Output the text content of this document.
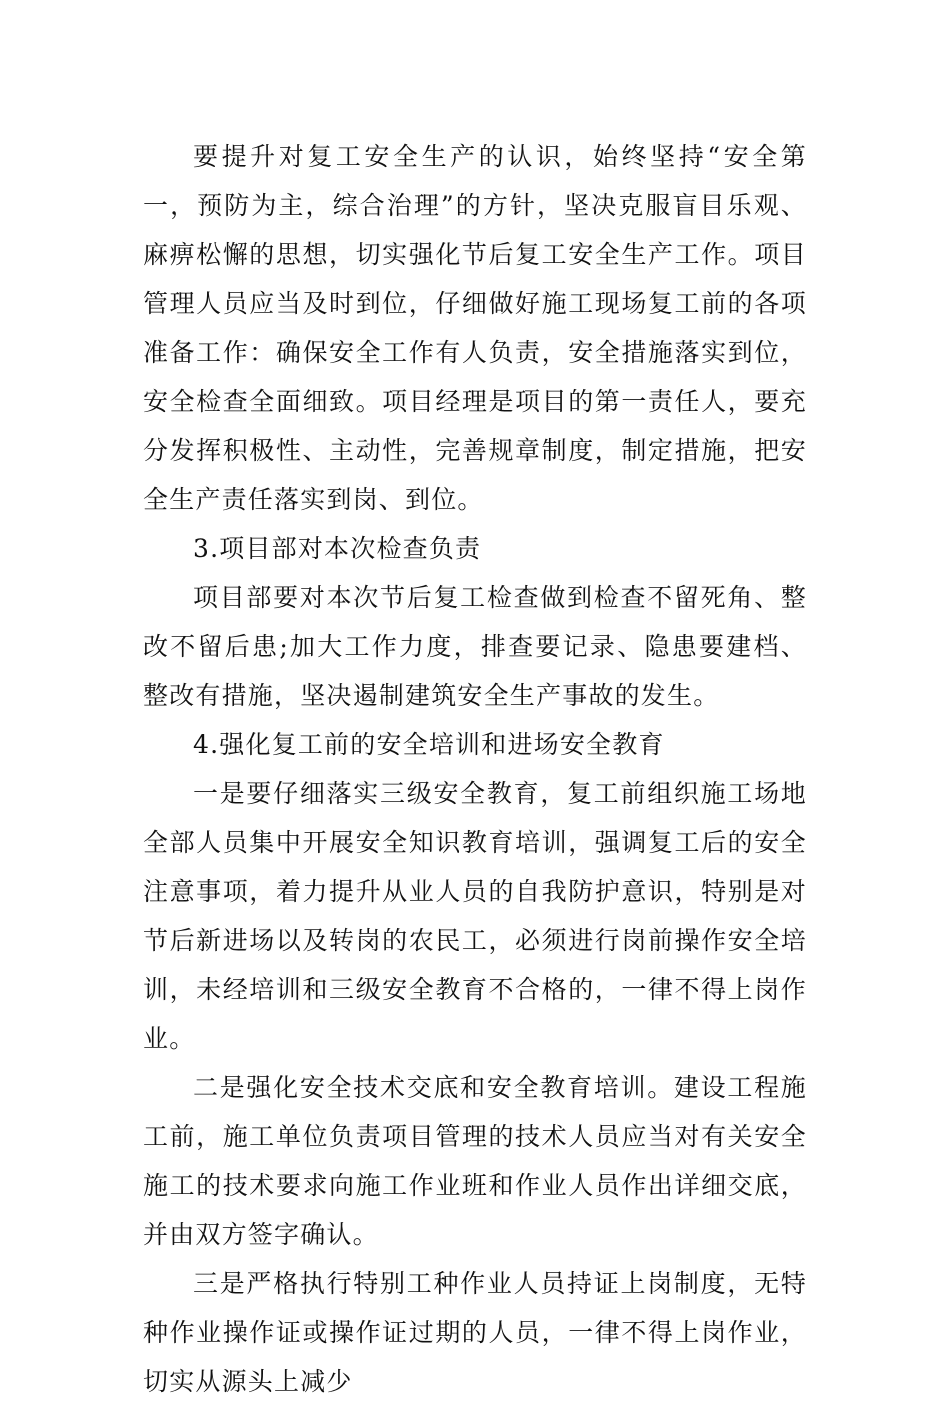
要提升对复工安全生产的认识，始终坚持“安全第一，预防为主，综合治理”的方针，坚决克服盲目乐观、麻痹松懈的思想，切实强化节后复工安全生产工作。项目管理人员应当及时到位，仔细做好施工现场复工前的各项准备工作：确保安全工作有人负责，安全措施落实到位，安全检查全面细致。项目经理是项目的第一责任人，要充分发挥积极性、主动性，完善规章制度，制定措施，把安全生产责任落实到岗、到位。

3.项目部对本次检查负责

项目部要对本次节后复工检查做到检查不留死角、整改不留后患;加大工作力度，排查要记录、隐患要建档、整改有措施，坚决遏制建筑安全生产事故的发生。

4.强化复工前的安全培训和进场安全教育

一是要仔细落实三级安全教育，复工前组织施工场地全部人员集中开展安全知识教育培训，强调复工后的安全注意事项，着力提升从业人员的自我防护意识，特别是对节后新进场以及转岗的农民工，必须进行岗前操作安全培训，未经培训和三级安全教育不合格的，一律不得上岗作业。

二是强化安全技术交底和安全教育培训。建设工程施工前，施工单位负责项目管理的技术人员应当对有关安全施工的技术要求向施工作业班和作业人员作出详细交底，并由双方签字确认。

三是严格执行特别工种作业人员持证上岗制度，无特种作业操作证或操作证过期的人员，一律不得上岗作业，切实从源头上减少
